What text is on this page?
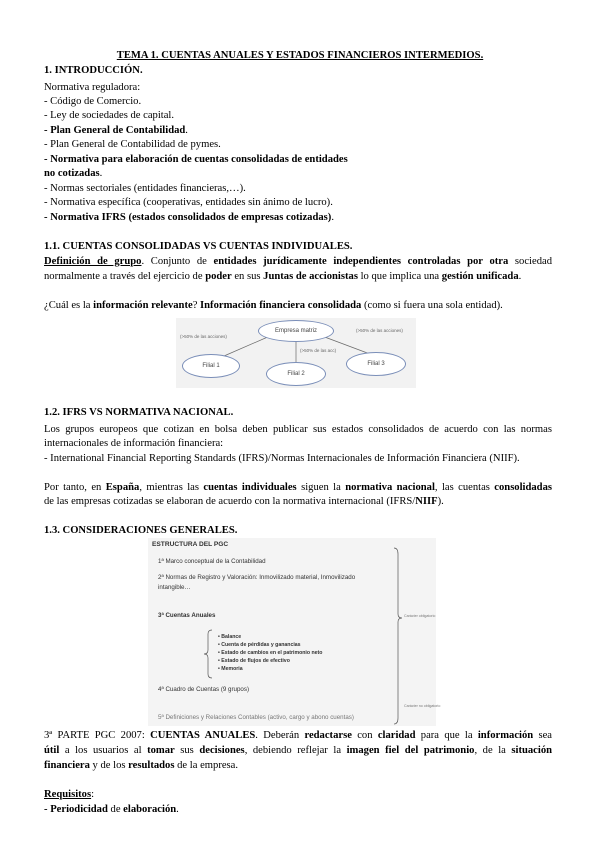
TEMA 1. CUENTAS ANUALES Y ESTADOS FINANCIEROS INTERMEDIOS.
1. INTRODUCCIÓN.
Normativa reguladora:
- Código de Comercio.
- Ley de sociedades de capital.
- Plan General de Contabilidad.
- Plan General de Contabilidad de pymes.
- Normativa para elaboración de cuentas consolidadas de entidades
no cotizadas.
- Normas sectoriales (entidades financieras,…).
- Normativa específica (cooperativas, entidades sin ánimo de lucro).
- Normativa IFRS (estados consolidados de empresas cotizadas).
1.1. CUENTAS CONSOLIDADAS VS CUENTAS INDIVIDUALES.
Definición de grupo. Conjunto de entidades jurídicamente independientes controladas por otra sociedad
normalmente a través del ejercicio de poder en sus Juntas de accionistas lo que implica una gestión unificada.
¿Cuál es la información relevante? Información financiera consolidada (como si fuera una sola entidad).
Empresa matriz
Filial 1
Filial 2
Filial 3
(>50% de las acciones)
(>50% de las acc)
(>50% de las acciones)
1.2. IFRS VS NORMATIVA NACIONAL.
Los grupos europeos que cotizan en bolsa deben publicar sus estados consolidados de acuerdo con las normas
internacionales de información financiera:
- International Financial Reporting Standards (IFRS)/Normas Internacionales de Información Financiera (NIIF).
Por tanto, en España, mientras las cuentas individuales siguen la normativa nacional, las cuentas consolidadas
de las empresas cotizadas se elaboran de acuerdo con la normativa internacional (IFRS/NIIF).
1.3. CONSIDERACIONES GENERALES.
ESTRUCTURA DEL PGC
1ª Marco conceptual de la Contabilidad
2ª Normas de Registro y Valoración: Inmovilizado material, Inmovilizado
intangible…
3ª Cuentas Anuales
• Balance
• Cuenta de pérdidas y ganancias
• Estado de cambios en el patrimonio neto
• Estado de flujos de efectivo
• Memoria
4ª Cuadro de Cuentas (9 grupos)
5ª Definiciones y Relaciones Contables (activo, cargo y abono cuentas)
Carácter obligatorio
Carácter no obligatorio
3ª PARTE PGC 2007: CUENTAS ANUALES. Deberán redactarse con claridad para que la información sea
útil a los usuarios al tomar sus decisiones, debiendo reflejar la imagen fiel del patrimonio, de la situación
financiera y de los resultados de la empresa.
Requisitos:
- Periodicidad de elaboración.
